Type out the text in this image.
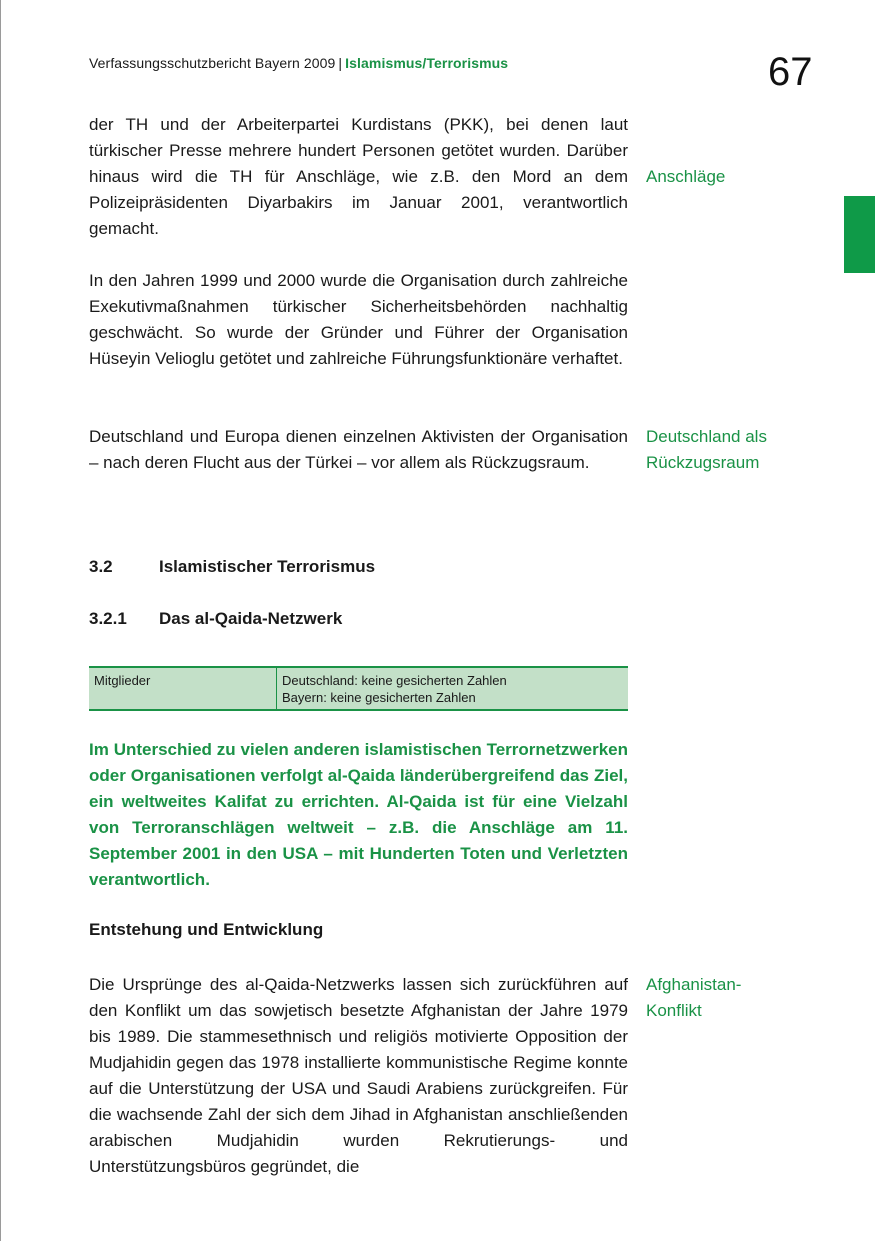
Verfassungsschutzbericht Bayern 2009 | Islamismus/Terrorismus	67

der TH und der Arbeiterpartei Kurdistans (PKK), bei denen laut türkischer Presse mehrere hundert Personen getötet wurden. Darüber hinaus wird die TH für Anschläge, wie z.B. den Mord an dem Polizeipräsidenten Diyarbakirs im Januar 2001, verantwortlich gemacht.

Anschläge

In den Jahren 1999 und 2000 wurde die Organisation durch zahlreiche Exekutivmaßnahmen türkischer Sicherheitsbehörden nachhaltig geschwächt. So wurde der Gründer und Führer der Organisation Hüseyin Velioglu getötet und zahlreiche Führungsfunktionäre verhaftet.

Deutschland und Europa dienen einzelnen Aktivisten der Organisation – nach deren Flucht aus der Türkei – vor allem als Rückzugsraum.

Deutschland als
Rückzugsraum
3.2	Islamistischer Terrorismus
3.2.1 Das al-Qaida-Netzwerk
Mitglieder	Deutschland: keine gesicherten Zahlen
Bayern: keine gesicherten Zahlen

Im Unterschied zu vielen anderen islamistischen Terrornetzwerken oder Organisationen verfolgt al-Qaida länderübergreifend das Ziel, ein weltweites Kalifat zu errichten. Al-Qaida ist für eine Vielzahl von Terroranschlägen weltweit – z.B. die Anschläge am 11. September 2001 in den USA – mit Hunderten Toten und Verletzten verantwortlich.

Entstehung und Entwicklung

Die Ursprünge des al-Qaida-Netzwerks lassen sich zurückführen auf den Konflikt um das sowjetisch besetzte Afghanistan der Jahre 1979 bis 1989. Die stammesethnisch und religiös motivierte Opposition der Mudjahidin gegen das 1978 installierte kommunistische Regime konnte auf die Unterstützung der USA und Saudi Arabiens zurückgreifen. Für die wachsende Zahl der sich dem Jihad in Afghanistan anschließenden arabischen Mudjahidin wurden Rekrutierungs- und Unterstützungsbüros gegründet, die

Afghanistan-
Konflikt
